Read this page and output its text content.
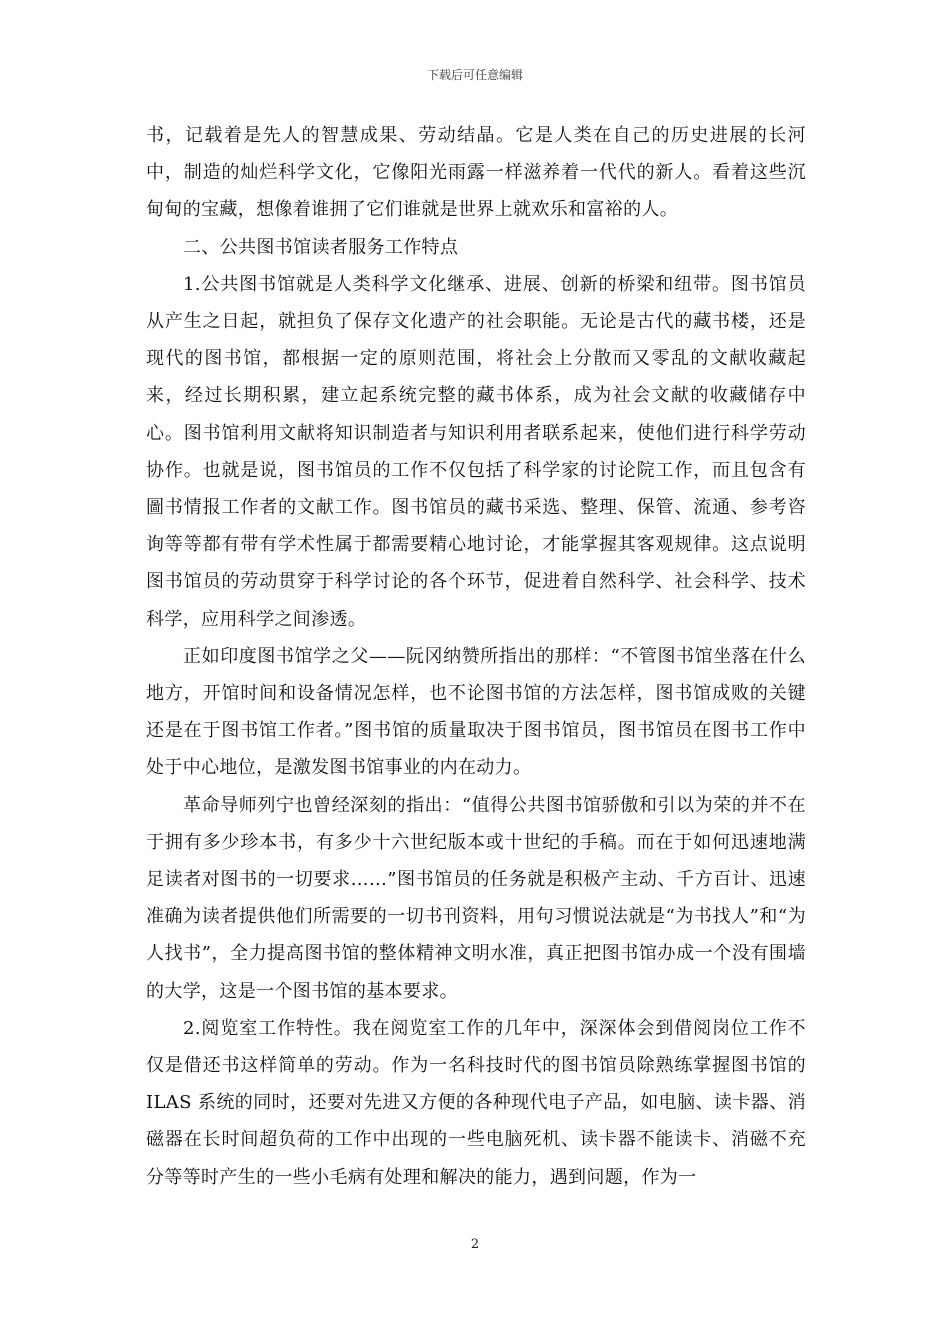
下载后可任意编辑

书，记载着是先人的智慧成果、劳动结晶。它是人类在自己的历史进展的长河中，制造的灿烂科学文化，它像阳光雨露一样滋养着一代代的新人。看着这些沉甸甸的宝藏，想像着谁拥了它们谁就是世界上就欢乐和富裕的人。

二、公共图书馆读者服务工作特点

1.公共图书馆就是人类科学文化继承、进展、创新的桥梁和纽带。图书馆员从产生之日起，就担负了保存文化遗产的社会职能。无论是古代的藏书楼，还是现代的图书馆，都根据一定的原则范围，将社会上分散而又零乱的文献收藏起来，经过长期积累，建立起系统完整的藏书体系，成为社会文献的收藏储存中心。图书馆利用文献将知识制造者与知识利用者联系起来，使他们进行科学劳动协作。也就是说，图书馆员的工作不仅包括了科学家的讨论院工作，而且包含有圖书情报工作者的文献工作。图书馆员的藏书采选、整理、保管、流通、参考咨询等等都有带有学术性属于都需要精心地讨论，才能掌握其客观规律。这点说明图书馆员的劳动贯穿于科学讨论的各个环节，促进着自然科学、社会科学、技术科学，应用科学之间渗透。

正如印度图书馆学之父——阮冈纳赞所指出的那样：“不管图书馆坐落在什么地方，开馆时间和设备情况怎样，也不论图书馆的方法怎样，图书馆成败的关键还是在于图书馆工作者。”图书馆的质量取决于图书馆员，图书馆员在图书工作中处于中心地位，是激发图书馆事业的内在动力。

革命导师列宁也曾经深刻的指出：“值得公共图书馆骄傲和引以为荣的并不在于拥有多少珍本书，有多少十六世纪版本或十世纪的手稿。而在于如何迅速地满足读者对图书的一切要求……”图书馆员的任务就是积极产主动、千方百计、迅速准确为读者提供他们所需要的一切书刊资料，用句习惯说法就是“为书找人”和“为人找书”，全力提高图书馆的整体精神文明水准，真正把图书馆办成一个没有围墙的大学，这是一个图书馆的基本要求。

2.阅览室工作特性。我在阅览室工作的几年中，深深体会到借阅岗位工作不仅是借还书这样简单的劳动。作为一名科技时代的图书馆员除熟练掌握图书馆的 ILAS 系统的同时，还要对先进又方便的各种现代电子产品，如电脑、读卡器、消磁器在长时间超负荷的工作中出现的一些电脑死机、读卡器不能读卡、消磁不充分等等时产生的一些小毛病有处理和解决的能力，遇到问题，作为一

2
